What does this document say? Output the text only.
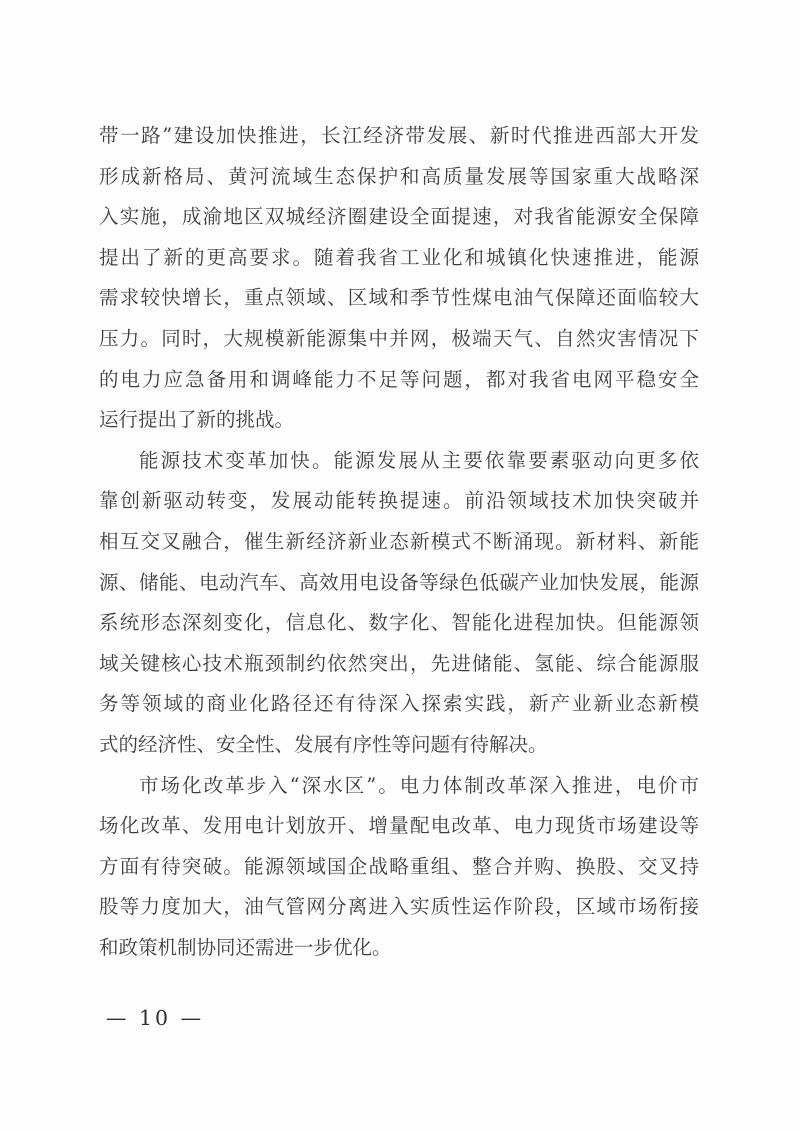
带一路”建设加快推进，长江经济带发展、新时代推进西部大开发
形成新格局、黄河流域生态保护和高质量发展等国家重大战略深
入实施，成渝地区双城经济圈建设全面提速，对我省能源安全保障
提出了新的更高要求。随着我省工业化和城镇化快速推进，能源
需求较快增长，重点领域、区域和季节性煤电油气保障还面临较大
压力。同时，大规模新能源集中并网，极端天气、自然灾害情况下
的电力应急备用和调峰能力不足等问题，都对我省电网平稳安全
运行提出了新的挑战。
能源技术变革加快。能源发展从主要依靠要素驱动向更多依
靠创新驱动转变，发展动能转换提速。前沿领域技术加快突破并
相互交叉融合，催生新经济新业态新模式不断涌现。新材料、新能
源、储能、电动汽车、高效用电设备等绿色低碳产业加快发展，能源
系统形态深刻变化，信息化、数字化、智能化进程加快。但能源领
域关键核心技术瓶颈制约依然突出，先进储能、氢能、综合能源服
务等领域的商业化路径还有待深入探索实践，新产业新业态新模
式的经济性、安全性、发展有序性等问题有待解决。
市场化改革步入“深水区”。电力体制改革深入推进，电价市
场化改革、发用电计划放开、增量配电改革、电力现货市场建设等
方面有待突破。能源领域国企战略重组、整合并购、换股、交叉持
股等力度加大，油气管网分离进入实质性运作阶段，区域市场衔接
和政策机制协同还需进一步优化。
— 10 —
